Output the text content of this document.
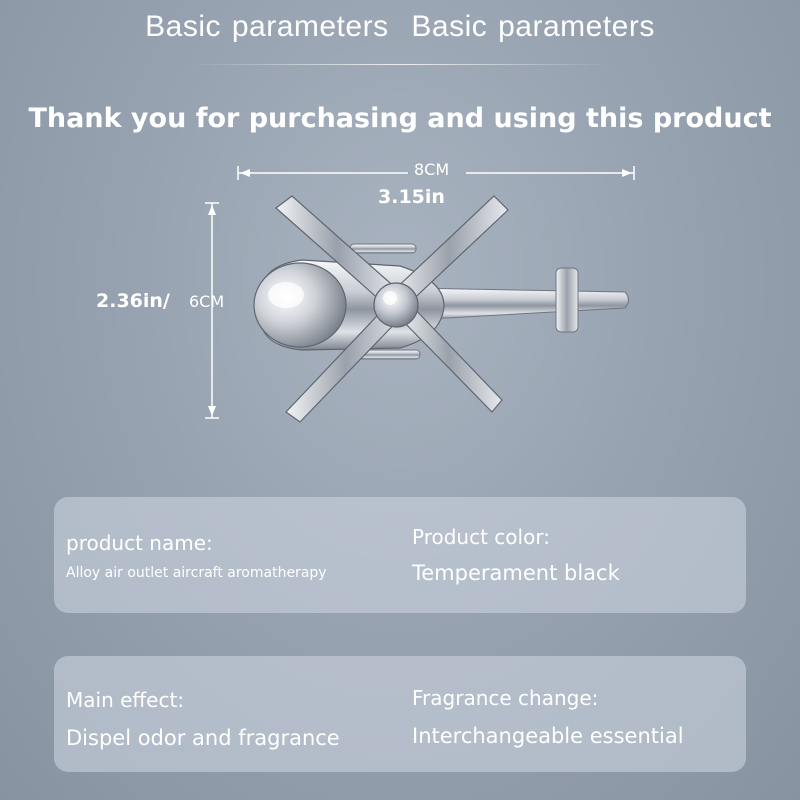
Basic parameters Basic parameters
Thank you for purchasing and using this product
8CM
3.15in
2.36in/ 6CM
product name:
Alloy air outlet aircraft aromatherapy
Product color:
Temperament black
Main effect:
Dispel odor and fragrance
Fragrance change:
Interchangeable essential
